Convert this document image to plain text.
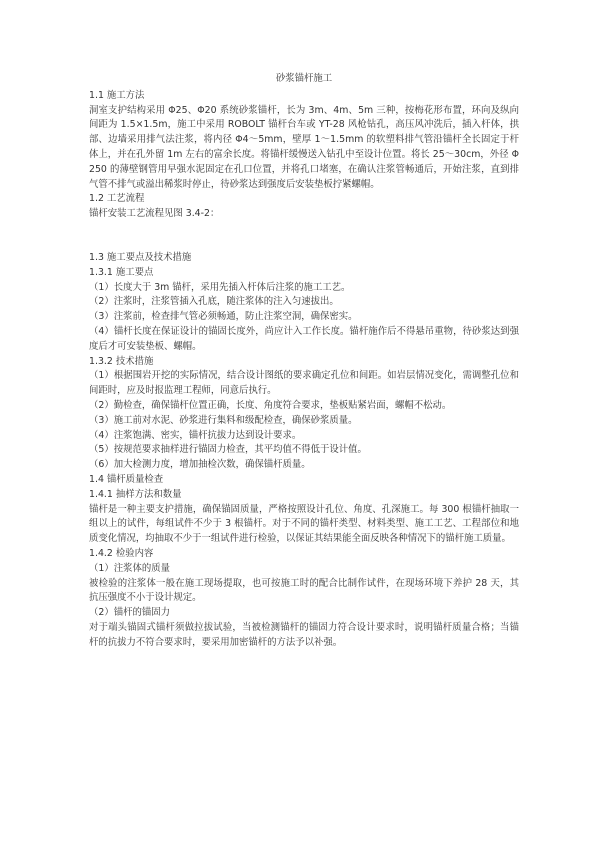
砂浆锚杆施工

1.1 施工方法

洞室支护结构采用 Φ25、Φ20 系统砂浆锚杆，长为 3m、4m、5m 三种，按梅花形布置，环向及纵向间距为 1.5×1.5m，施工中采用 ROBOLT 锚杆台车或 YT-28 风枪钻孔，高压风冲洗后，插入杆体，拱部、边墙采用排气法注浆，将内径 Φ4～5mm，壁厚 1～1.5mm 的软塑料排气管沿锚杆全长固定于杆体上，并在孔外留 1m 左右的富余长度。将锚杆缓慢送入钻孔中至设计位置。将长 25～30cm，外径 Φ250 的薄壁钢管用早强水泥固定在孔口位置，并将孔口堵塞，在确认注浆管畅通后，开始注浆，直到排气管不排气或溢出稀浆时停止，待砂浆达到强度后安装垫板拧紧螺帽。

1.2 工艺流程

锚杆安装工艺流程见图 3.4-2：

1.3 施工要点及技术措施

1.3.1 施工要点

（1）长度大于 3m 锚杆，采用先插入杆体后注浆的施工工艺。

（2）注浆时，注浆管插入孔底，随注浆体的注入匀速拔出。

（3）注浆前，检查排气管必须畅通，防止注浆空洞，确保密实。

（4）锚杆长度在保证设计的锚固长度外，尚应计入工作长度。锚杆施作后不得悬吊重物，待砂浆达到强度后才可安装垫板、螺帽。

1.3.2 技术措施

（1）根据围岩开挖的实际情况，结合设计图纸的要求确定孔位和间距。如岩层情况变化，需调整孔位和间距时，应及时报监理工程师，同意后执行。

（2）勤检查，确保锚杆位置正确，长度、角度符合要求，垫板贴紧岩面，螺帽不松动。

（3）施工前对水泥、砂浆进行集料和级配检查，确保砂浆质量。

（4）注浆饱满、密实，锚杆抗拔力达到设计要求。

（5）按规范要求抽样进行锚固力检查，其平均值不得低于设计值。

（6）加大检测力度，增加抽检次数，确保锚杆质量。

1.4 锚杆质量检查

1.4.1 抽样方法和数量

锚杆是一种主要支护措施，确保锚固质量，严格按照设计孔位、角度、孔深施工。每 300 根锚杆抽取一组以上的试件，每组试件不少于 3 根锚杆。对于不同的锚杆类型、材料类型、施工工艺、工程部位和地质变化情况，均抽取不少于一组试件进行检验，以保证其结果能全面反映各种情况下的锚杆施工质量。

1.4.2 检验内容

（1）注浆体的质量

被检验的注浆体一般在施工现场提取，也可按施工时的配合比制作试件，在现场环境下养护 28 天，其抗压强度不小于设计规定。

（2）锚杆的锚固力

对于端头锚固式锚杆须做拉拔试验，当被检测锚杆的锚固力符合设计要求时，说明锚杆质量合格；当锚杆的抗拔力不符合要求时，要采用加密锚杆的方法予以补强。
